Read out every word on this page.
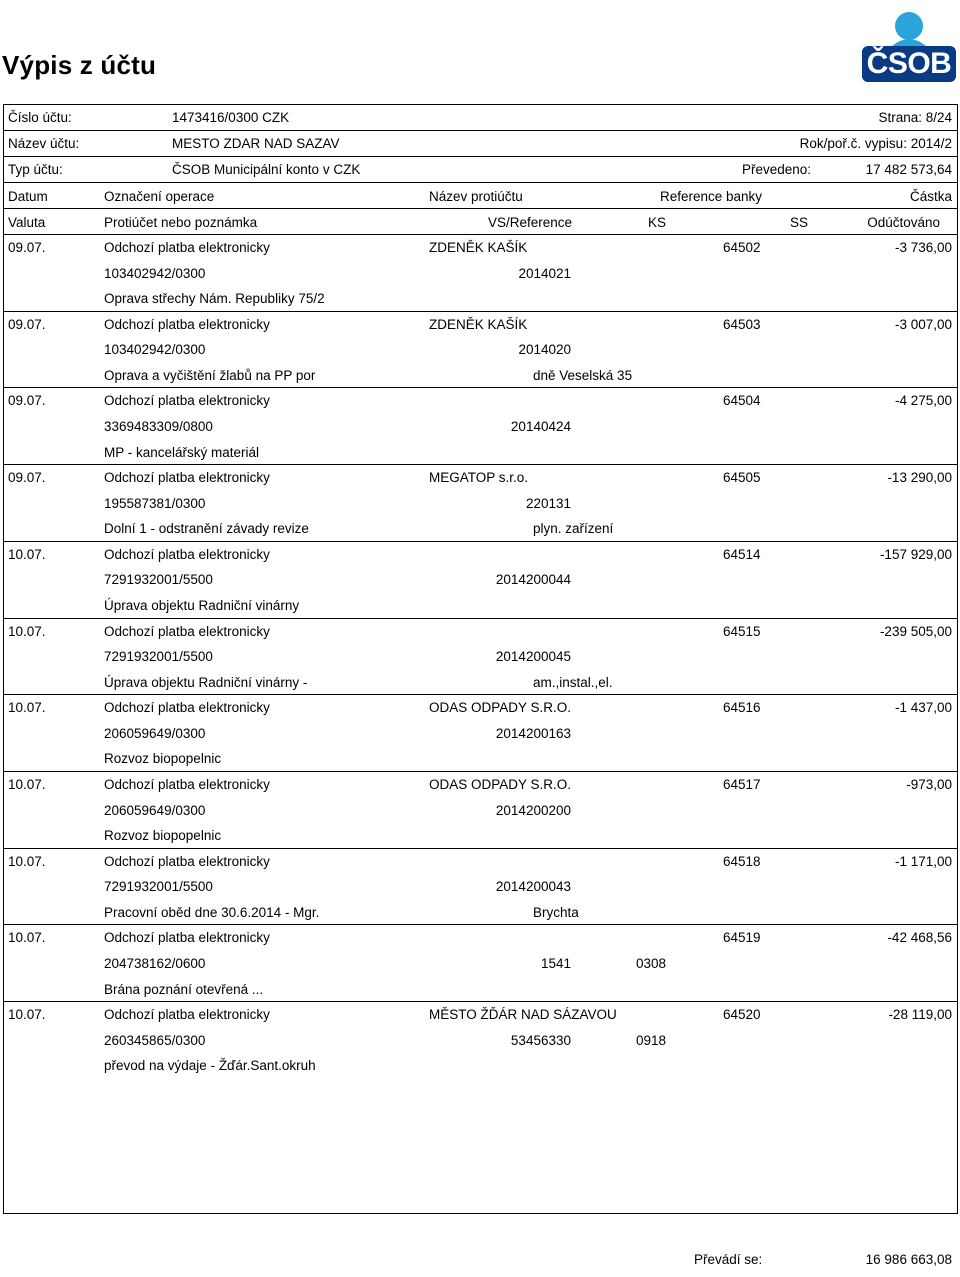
Výpis z účtu	ČSOB
Číslo účtu:	1473416/0300 CZK	Strana: 8/24
Název účtu:	MESTO ZDAR NAD SAZAV	Rok/poř.č. vypisu: 2014/2
Typ účtu:	ČSOB Municipální konto v CZK	Převedeno:	17 482 573,64
Datum	Označení operace	Název protiúčtu	Reference banky	Částka
Valuta	Protiúčet nebo poznámka	VS/Reference	KS	SS	Odúčtováno
09.07.	Odchozí platba elektronicky	ZDENĚK KAŠÍK	64502	-3 736,00
103402942/0300	2014021
Oprava střechy Nám. Republiky 75/2
09.07.	Odchozí platba elektronicky	ZDENĚK KAŠÍK	64503	-3 007,00
103402942/0300	2014020
Oprava a vyčištění žlabů na PP por	dně Veselská 35
09.07.	Odchozí platba elektronicky	64504	-4 275,00
3369483309/0800	20140424
MP - kancelářský materiál
09.07.	Odchozí platba elektronicky	MEGATOP s.r.o.	64505	-13 290,00
195587381/0300	220131
Dolní 1 - odstranění závady revize	plyn. zařízení
10.07.	Odchozí platba elektronicky	64514	-157 929,00
7291932001/5500	2014200044
Úprava objektu Radniční vinárny
10.07.	Odchozí platba elektronicky	64515	-239 505,00
7291932001/5500	2014200045
Úprava objektu Radniční vinárny -	am.,instal.,el.
10.07.	Odchozí platba elektronicky	ODAS ODPADY S.R.O.	64516	-1 437,00
206059649/0300	2014200163
Rozvoz biopopelnic
10.07.	Odchozí platba elektronicky	ODAS ODPADY S.R.O.	64517	-973,00
206059649/0300	2014200200
Rozvoz biopopelnic
10.07.	Odchozí platba elektronicky	64518	-1 171,00
7291932001/5500	2014200043
Pracovní oběd dne 30.6.2014 - Mgr.	Brychta
10.07.	Odchozí platba elektronicky	64519	-42 468,56
204738162/0600	1541	0308
Brána poznání otevřená ...
10.07.	Odchozí platba elektronicky	MĚSTO ŽĎÁR NAD SÁZAVOU	64520	-28 119,00
260345865/0300	53456330	0918
převod na výdaje - Žďár.Sant.okruh
Převádí se:	16 986 663,08
